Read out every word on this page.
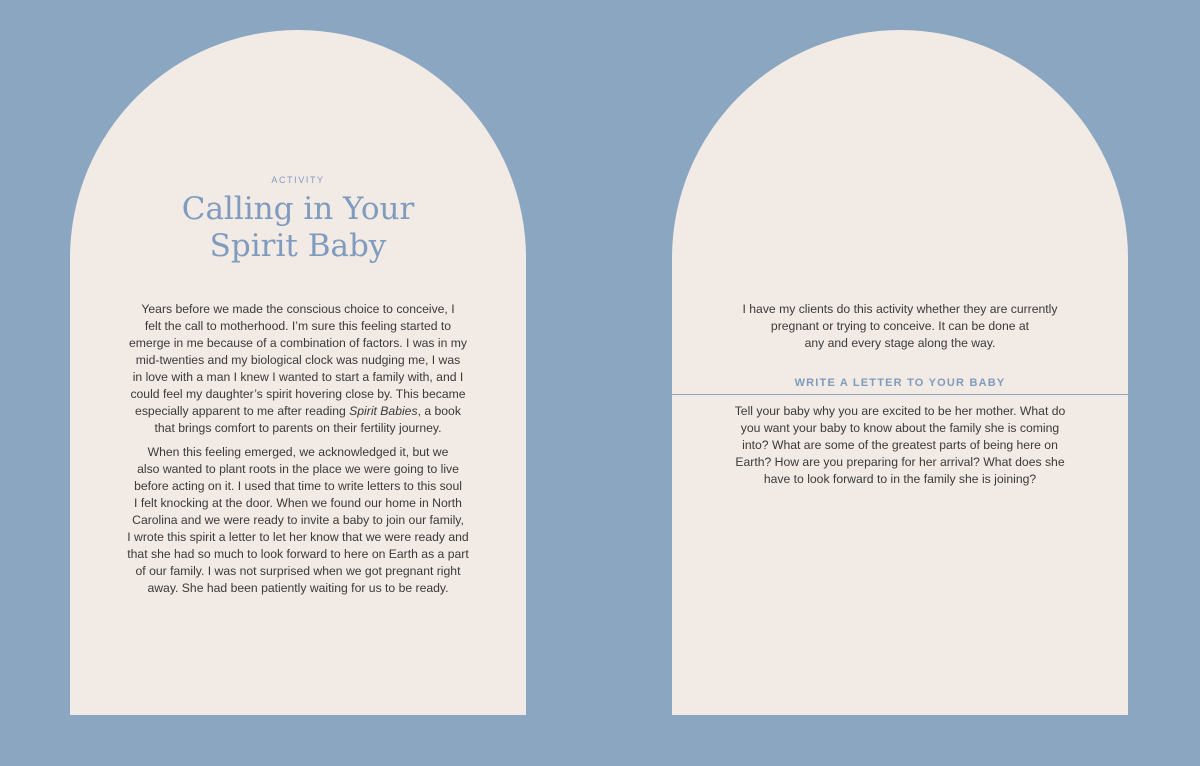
ACTIVITY
Calling in Your
Spirit Baby

Years before we made the conscious choice to conceive, I
felt the call to motherhood. I’m sure this feeling started to
emerge in me because of a combination of factors. I was in my
mid-twenties and my biological clock was nudging me, I was
in love with a man I knew I wanted to start a family with, and I
could feel my daughter’s spirit hovering close by. This became
especially apparent to me after reading Spirit Babies, a book
that brings comfort to parents on their fertility journey.

When this feeling emerged, we acknowledged it, but we
also wanted to plant roots in the place we were going to live
before acting on it. I used that time to write letters to this soul
I felt knocking at the door. When we found our home in North
Carolina and we were ready to invite a baby to join our family,
I wrote this spirit a letter to let her know that we were ready and
that she had so much to look forward to here on Earth as a part
of our family. I was not surprised when we got pregnant right
away. She had been patiently waiting for us to be ready.

I have my clients do this activity whether they are currently
pregnant or trying to conceive. It can be done at
any and every stage along the way.

WRITE A LETTER TO YOUR BABY

Tell your baby why you are excited to be her mother. What do
you want your baby to know about the family she is coming
into? What are some of the greatest parts of being here on
Earth? How are you preparing for her arrival? What does she
have to look forward to in the family she is joining?
